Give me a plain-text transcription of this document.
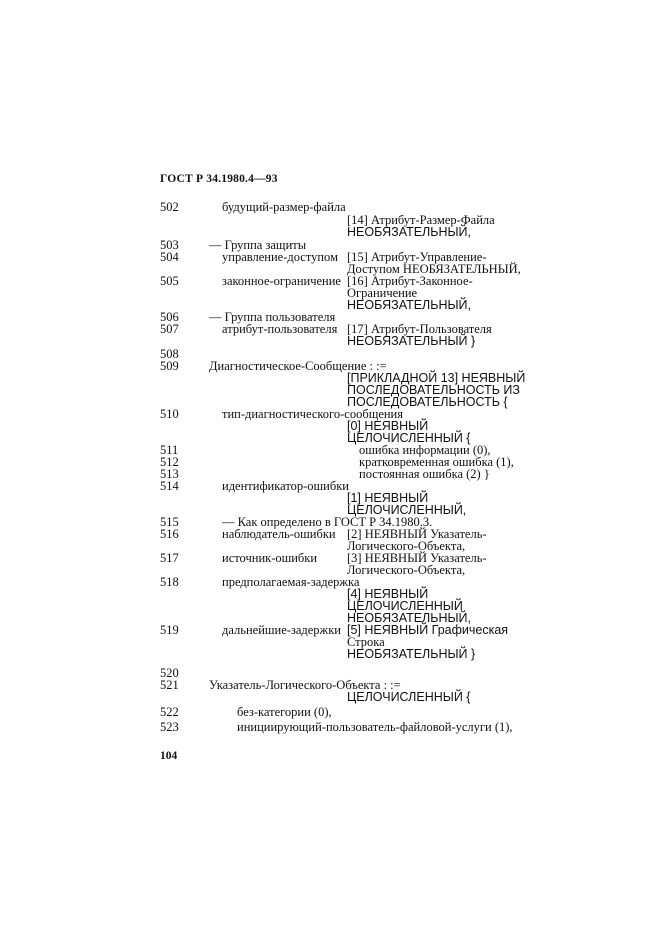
ГОСТ Р 34.1980.4—93
502	будущий-размер-файла
[14] Атрибут-Размер-Файла
НЕОБЯЗАТЕЛЬНЫЙ,
503 — Группа защиты
504	управление-доступом [15] Атрибут-Управление-
Доступом НЕОБЯЗАТЕЛЬНЫЙ,
505	законное-ограничение [16] Атрибут-Законное-
Ограничение
НЕОБЯЗАТЕЛЬНЫЙ,
506 — Группа пользователя
507	атрибут-пользователя [17] Атрибут-Пользователя
НЕОБЯЗАТЕЛЬНЫЙ }
508
509 Диагностическое-Сообщение : :=
[ПРИКЛАДНОЙ 13] НЕЯВНЫЙ
ПОСЛЕДОВАТЕЛЬНОСТЬ ИЗ
ПОСЛЕДОВАТЕЛЬНОСТЬ {
510	тип-диагностического-сообщения
[0] НЕЯВНЫЙ
ЦЕЛОЧИСЛЕННЫЙ {
511	ошибка информации (0),
512	кратковременная ошибка (1),
513	постоянная ошибка (2) }
514	идентификатор-ошибки
[1] НЕЯВНЫЙ
ЦЕЛОЧИСЛЕННЫЙ,
515	— Как определено в ГОСТ Р 34.1980.3.
516	наблюдатель-ошибки [2] НЕЯВНЫЙ Указатель-
Логического-Объекта,
517	источник-ошибки [3] НЕЯВНЫЙ Указатель-
Логического-Объекта,
518	предполагаемая-задержка
[4] НЕЯВНЫЙ
ЦЕЛОЧИСЛЕННЫЙ
НЕОБЯЗАТЕЛЬНЫЙ,
519	дальнейшие-задержки [5] НЕЯВНЫЙ Графическая
Строка
НЕОБЯЗАТЕЛЬНЫЙ }
520
521 Указатель-Логического-Объекта : :=
ЦЕЛОЧИСЛЕННЫЙ {
522	без-категории (0),
523	инициирующий-пользователь-файловой-услуги (1),
104
